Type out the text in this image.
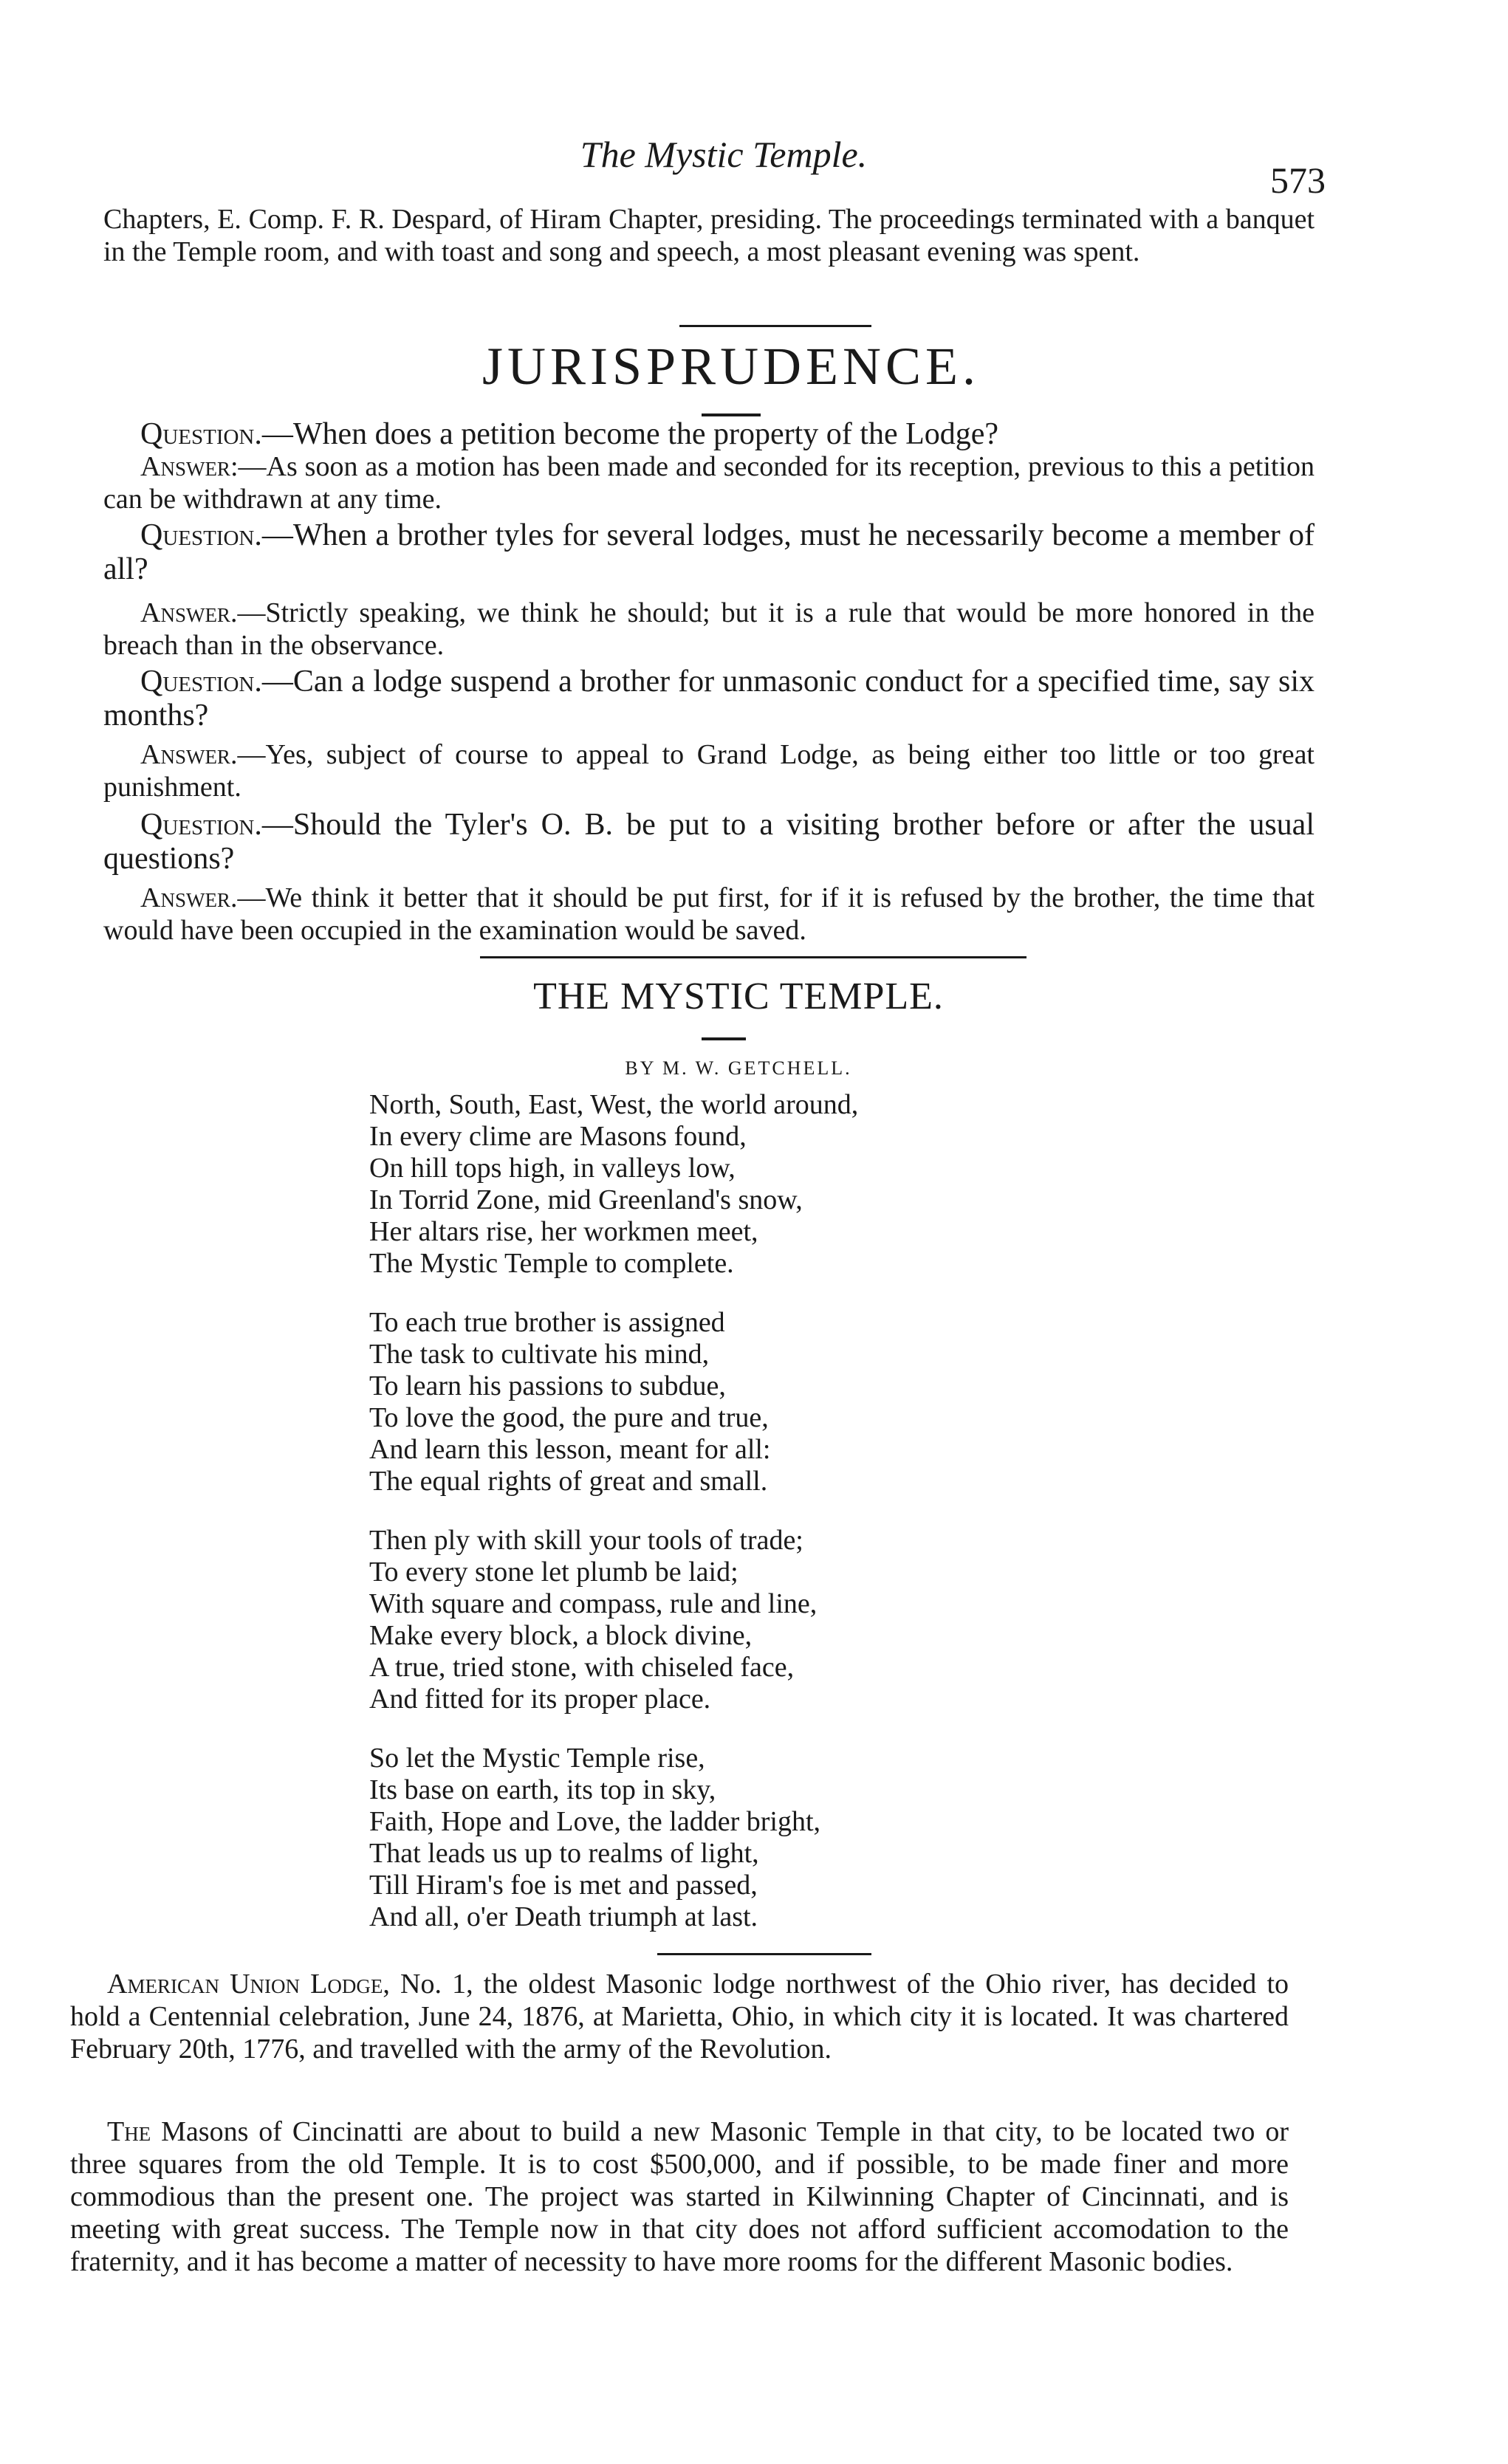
The Mystic Temple.
573

Chapters, E. Comp. F. R. Despard, of Hiram Chapter, presiding. The proceedings terminated with a banquet in the Temple room, and with toast and song and speech, a most pleasant evening was spent.

JURISPRUDENCE.

Question.—When does a petition become the property of the Lodge?

Answer:—As soon as a motion has been made and seconded for its reception, previous to this a petition can be withdrawn at any time.

Question.—When a brother tyles for several lodges, must he necessarily become a member of all?

Answer.—Strictly speaking, we think he should; but it is a rule that would be more honored in the breach than in the observance.

Question.—Can a lodge suspend a brother for unmasonic conduct for a specified time, say six months?

Answer.—Yes, subject of course to appeal to Grand Lodge, as being either too little or too great punishment.

Question.—Should the Tyler's O. B. be put to a visiting brother before or after the usual questions?

Answer.—We think it better that it should be put first, for if it is refused by the brother, the time that would have been occupied in the examination would be saved.

THE MYSTIC TEMPLE.
BY M. W. GETCHELL.
North, South, East, West, the world around,
In every clime are Masons found,
On hill tops high, in valleys low,
In Torrid Zone, mid Greenland's snow,
Her altars rise, her workmen meet,
The Mystic Temple to complete.
To each true brother is assigned
The task to cultivate his mind,
To learn his passions to subdue,
To love the good, the pure and true,
And learn this lesson, meant for all:
The equal rights of great and small.
Then ply with skill your tools of trade;
To every stone let plumb be laid;
With square and compass, rule and line,
Make every block, a block divine,
A true, tried stone, with chiseled face,
And fitted for its proper place.
So let the Mystic Temple rise,
Its base on earth, its top in sky,
Faith, Hope and Love, the ladder bright,
That leads us up to realms of light,
Till Hiram's foe is met and passed,
And all, o'er Death triumph at last.

American Union Lodge, No. 1, the oldest Masonic lodge northwest of the Ohio river, has decided to hold a Centennial celebration, June 24, 1876, at Marietta, Ohio, in which city it is located. It was chartered February 20th, 1776, and travelled with the army of the Revolution.

The Masons of Cincinatti are about to build a new Masonic Temple in that city, to be located two or three squares from the old Temple. It is to cost $500,000, and if possible, to be made finer and more commodious than the present one. The project was started in Kilwinning Chapter of Cincinnati, and is meeting with great success. The Temple now in that city does not afford sufficient accomodation to the fraternity, and it has become a matter of necessity to have more rooms for the different Masonic bodies.
